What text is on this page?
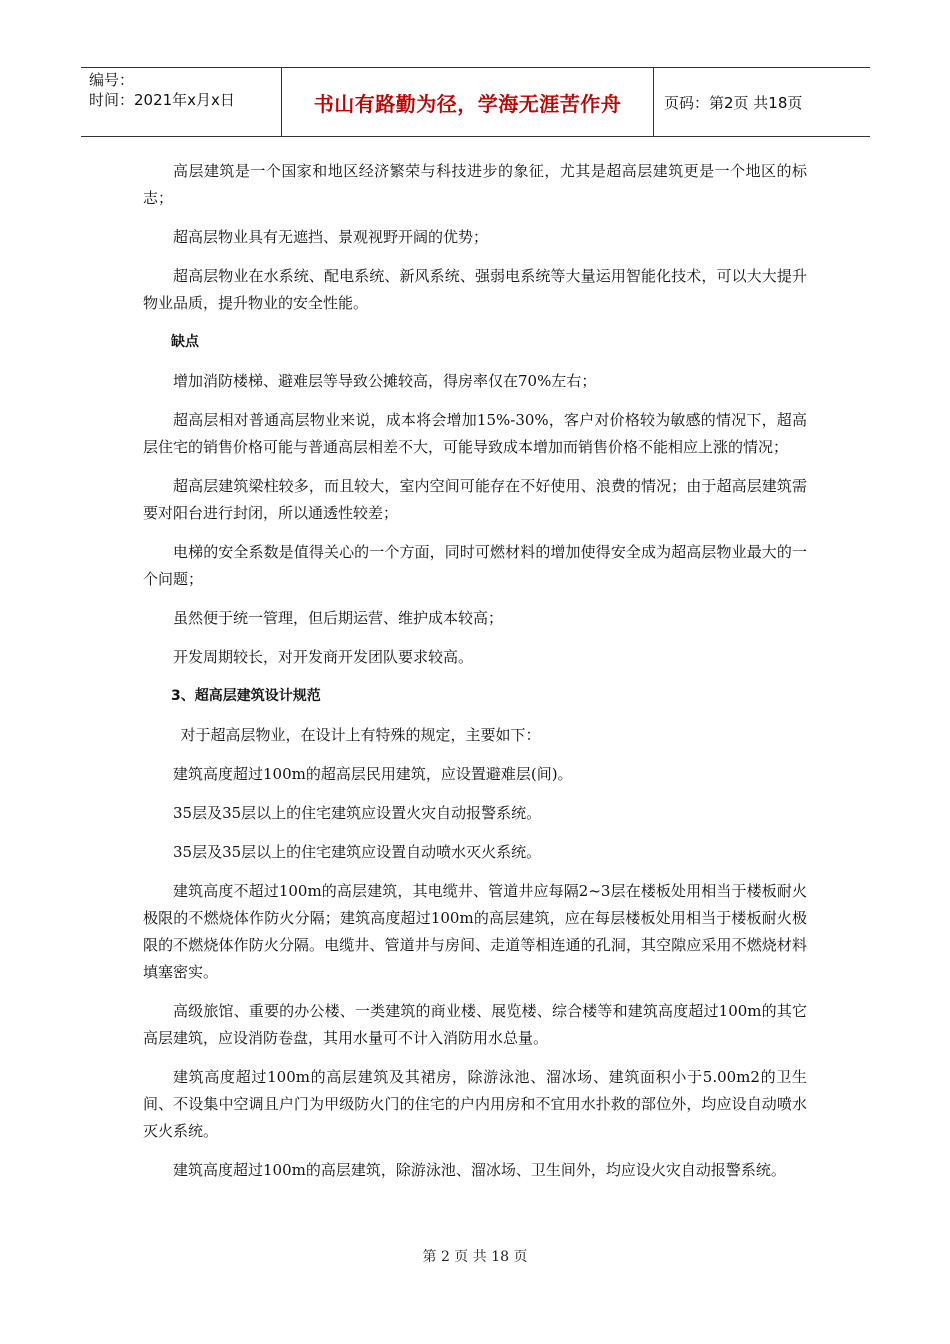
编号：
时间：2021年x月x日	书山有路勤为径，学海无涯苦作舟	页码：第2页 共18页

高层建筑是一个国家和地区经济繁荣与科技进步的象征，尤其是超高层建筑更是一个地区的标志；

超高层物业具有无遮挡、景观视野开阔的优势；

超高层物业在水系统、配电系统、新风系统、强弱电系统等大量运用智能化技术，可以大大提升物业品质，提升物业的安全性能。

缺点

增加消防楼梯、避难层等导致公摊较高，得房率仅在70%左右；

超高层相对普通高层物业来说，成本将会增加15%-30%，客户对价格较为敏感的情况下，超高层住宅的销售价格可能与普通高层相差不大，可能导致成本增加而销售价格不能相应上涨的情况；

超高层建筑梁柱较多，而且较大，室内空间可能存在不好使用、浪费的情况；由于超高层建筑需要对阳台进行封闭，所以通透性较差；

电梯的安全系数是值得关心的一个方面，同时可燃材料的增加使得安全成为超高层物业最大的一个问题；

虽然便于统一管理，但后期运营、维护成本较高；

开发周期较长，对开发商开发团队要求较高。

3、超高层建筑设计规范

对于超高层物业，在设计上有特殊的规定，主要如下：

建筑高度超过100m的超高层民用建筑，应设置避难层(间)。

35层及35层以上的住宅建筑应设置火灾自动报警系统。

35层及35层以上的住宅建筑应设置自动喷水灭火系统。

建筑高度不超过100m的高层建筑，其电缆井、管道井应每隔2~3层在楼板处用相当于楼板耐火极限的不燃烧体作防火分隔；建筑高度超过100m的高层建筑，应在每层楼板处用相当于楼板耐火极限的不燃烧体作防火分隔。电缆井、管道井与房间、走道等相连通的孔洞，其空隙应采用不燃烧材料填塞密实。

高级旅馆、重要的办公楼、一类建筑的商业楼、展览楼、综合楼等和建筑高度超过100m的其它高层建筑，应设消防卷盘，其用水量可不计入消防用水总量。

建筑高度超过100m的高层建筑及其裙房，除游泳池、溜冰场、建筑面积小于5.00m2的卫生间、不设集中空调且户门为甲级防火门的住宅的户内用房和不宜用水扑救的部位外，均应设自动喷水灭火系统。

建筑高度超过100m的高层建筑，除游泳池、溜冰场、卫生间外，均应设火灾自动报警系统。

第 2 页 共 18 页
